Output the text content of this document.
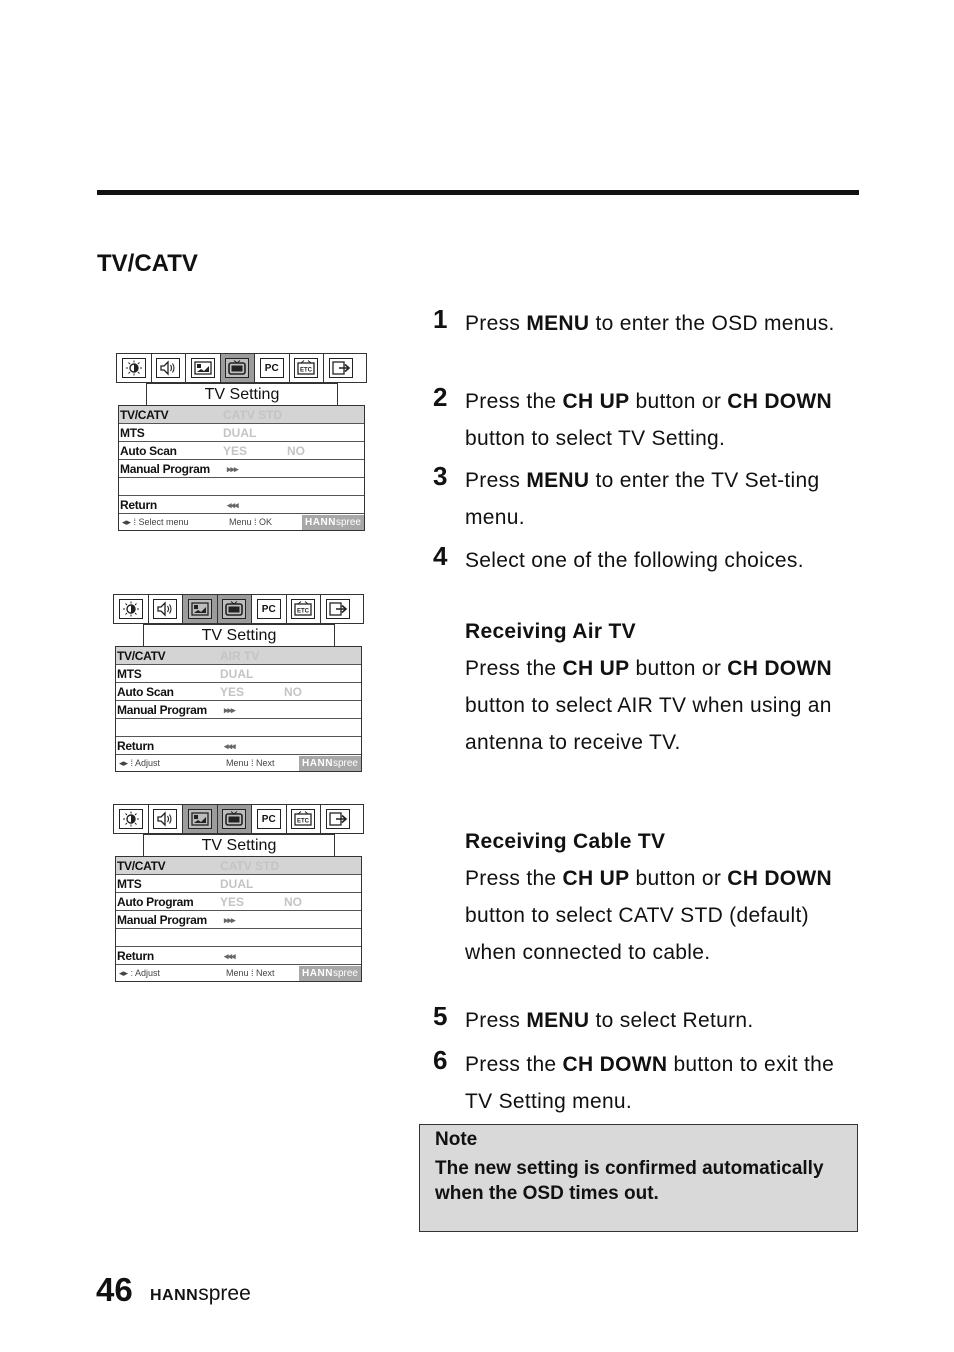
TV/CATV
PC	ETC
TV Setting
TV/CATV	CATV STD
MTS	DUAL
Auto Scan	YES	NO
Manual Program ▸▸▸
Return	◂◂◂
◂▸ ⁞ Select menu	Menu ⁞ OK	HANNspree
PC	ETC
TV Setting
TV/CATV	AIR TV
MTS	DUAL
Auto Scan	YES	NO
Manual Program ▸▸▸
Return	◂◂◂
◂▸ ⁞ Adjust	Menu ⁞ Next	HANNspree
PC	ETC
TV Setting
TV/CATV	CATV STD
MTS	DUAL
Auto Program YES	NO
Manual Program ▸▸▸
Return	◂◂◂
◂▸ : Adjust	Menu ⁞ Next	HANNspree
1 Press MENU to enter the OSD menus.
2 Press the CH UP button or CH DOWN button to select TV Setting.
3 Press MENU to enter the TV Set-ting menu.
4 Select one of the following choices.
Receiving Air TV
Press the CH UP button or CH DOWN button to select AIR TV when using an antenna to receive TV.
Receiving Cable TV
Press the CH UP button or CH DOWN button to select CATV STD (default) when connected to cable.
5 Press MENU to select Return.
6 Press the CH DOWN button to exit the TV Setting menu.
Note
The new setting is confirmed automatically when the OSD times out.
46 HANNspree
